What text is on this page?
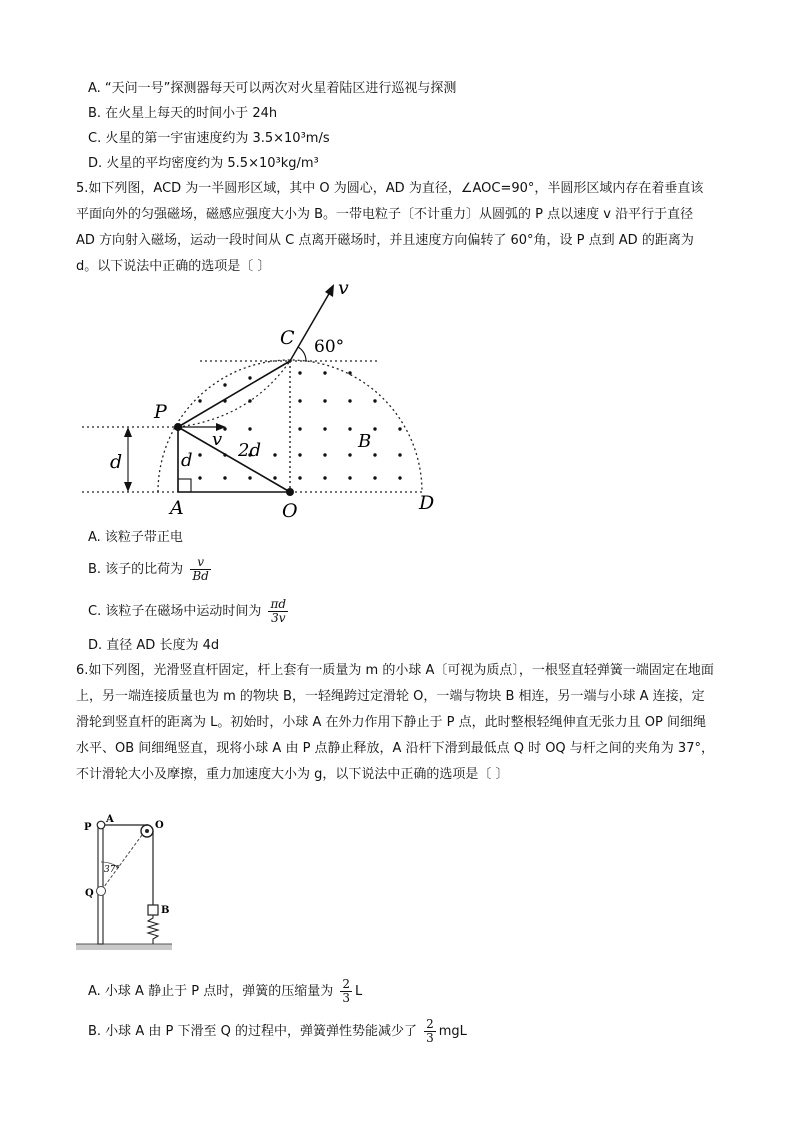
A. “天问一号”探测器每天可以两次对火星着陆区进行巡视与探测
B. 在火星上每天的时间小于 24h
C. 火星的第一宇宙速度约为 3.5×10³m/s
D. 火星的平均密度约为 5.5×10³kg/m³
5.如下列图，ACD 为一半圆形区域，其中 O 为圆心，AD 为直径，∠AOC=90°，半圆形区域内存在着垂直该平面向外的匀强磁场，磁感应强度大小为 B。一带电粒子〔不计重力〕从圆弧的 P 点以速度 v 沿平行于直径 AD 方向射入磁场，运动一段时间从 C 点离开磁场时，并且速度方向偏转了 60°角，设 P 点到 AD 的距离为 d。以下说法中正确的选项是〔 〕
v
C 60°
P
v
2d	B
d	d
A	O	D
A. 该粒子带正电
B. 该子的比荷为 $\frac{v}{Bd}$
C. 该粒子在磁场中运动时间为 $\frac{\pi d}{3v}$
D. 直径 AD 长度为 4d
6.如下列图，光滑竖直杆固定，杆上套有一质量为 m 的小球 A〔可视为质点〕，一根竖直轻弹簧一端固定在地面上，另一端连接质量也为 m 的物块 B，一轻绳跨过定滑轮 O，一端与物块 B 相连，另一端与小球 A 连接，定滑轮到竖直杆的距离为 L。初始时，小球 A 在外力作用下静止于 P 点，此时整根轻绳伸直无张力且 OP 间细绳水平、OB 间细绳竖直，现将小球 A 由 P 点静止释放，A 沿杆下滑到最低点 Q 时 OQ 与杆之间的夹角为 37°，不计滑轮大小及摩擦，重力加速度大小为 g，以下说法中正确的选项是〔 〕
P
A
O
37°
Q
B
A. 小球 A 静止于 P 点时，弹簧的压缩量为 $\frac{2}{3}$ L
B. 小球 A 由 P 下滑至 Q 的过程中，弹簧弹性势能减少了 $\frac{2}{3}$ mgL
